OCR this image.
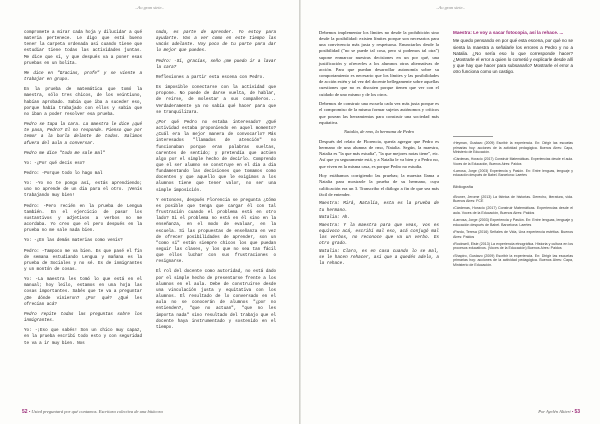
–Ao gran siete–

compromete a mirar cada hoja y dilucidar a qué materia pertenece. Le digo que está bueno tener la carpeta ordenada así cuando tiene que estudiar tiene todas las actividades juntas. Me dice que sí, y que después va a poner esas pruebas en un bolita.

Me dice en "Gracias, profe" y se viente a trabajar en grupo.

En la prueba de matemática que tomó la maestra, sólo tres chicos, de los veintiuno, habían aprobado. Sabía que iba a suceder eso, porque había trabajado con ellos y sabía que no iban a poder resolver esa prueba.

Pedro se tapa la cara. La maestra le dice ¿qué te pasa, Pedro? El no responde. Pienso que por temor a la burla delante de todos. Salimos afuera del aula a conversar.

Pedro me dice "todo me sale mal"

Yo: -¿Por qué decís eso?

Pedro: -Porque todo lo hago mal

Yo: -Yo no te pongo así, estás aprendiendo; uno no aprende de un día para el otro. ¡Venís trabajando muy bien!

Pedro: -Pero recién en la prueba de Lengua también. En el ejercicio de pasar los sustantivos y adjetivos a verbos no me acordaba. Yo creo que el pero después en la prueba no me sale nada bien.

Yo: -¿En las demás materias como venís?

Pedro: -Tampoco me va bien. Es que pasé el fin de semana estudiando Lengua y mañana es la prueba de Sociales y no sé. Es de inmigrantes y un montón de cosas.

Yo: -La maestra les tomó lo que está en el manual; hoy leílo, estamos en una hoja las cosas importantes. Sabés que te va a preguntar ¿De dónde vinieron? ¿Por qué? ¿Qué les ofrecían acá?

Pedro repite todas las preguntas sobre los inmigrantes.

Yo: -¡Eso que sabés! Son un chico muy capaz, en la prueba escribí todo esto y con seguridad te va a ir muy bien. Nos

nada, es parte de aprender. Yo estoy para ayudarte. Vas a ver como en este tiempo las vacás adelante. Voy poco de tu parte para dar lo mejor que puedes.

Pedro: -Si, gracias, seño ¿me puedo ir a lavar la cara?

Reflexiones a partir esta escena con Pedro.

Es imposible conectarse con la actividad que propone. No puede de darse vuelta, de hablar, de reírse, de molestar a sus compañeros... Verdaderamente ya no sabía qué hacer para que se tranquilizara.

¿Por qué Pedro no estaba interesado? ¿Qué actividad estaba proponiendo en aquel momento? ¿Cuál era la mejor manera de convocarlo? Más interesados "llamados de atención" no funcionaban porque eran palabras sueltas, carentes de sentido; y pretendía que actúen algo por el simple hecho de decirlo. Comprendo que el ser alumno se construye en el día a día fundamentando las decisiones que tomamos como docentes y que aquello que le exigimos a los alumnos tiene que tener valor, no ser una simple imposición.

Y entonces, después Florencia se pregunta ¿Cómo es posible que tenga que cargar él con tal frustración cuando el problema está en otro lado? Si el problema no está en él sino en la enseñanza, en el modo de evaluar, en la escuela. Si las propuestas de enseñanza en vez de ofrecer posibilidades de aprender, son un "como si" están siempre chicos los que puedan seguir las clases, y los que no sea tan fácil que ellos luchar con sus frustraciones o resignarse.

El rol del docente como autoridad, no está dado por el simple hecho de presentarse frente a los alumnos en el aula. Debe de construirse desde una vinculación justa y equitativa con los alumnos. El resultado de lo conversado en el aula no se conocerán de alumnos "¿por no entienden?, "que no actuan", "que no les importa nada" sino resultado del trabajo que el docente haya instrumentado y sostenido en el tiempo.

52 • Usted preguntará por qué contamos. Escritura colectiva de una bitácora
–Ao gran siete–

Debemos implementar los límites no desde la prohibición sino desde la posibilidad: existen límites porque son necesarios para una convivencia más justa y respetuosa. Enunciarlos desde la posibilidad ("no se puede tal cosa, pero si podemos tal otra") supone enmarcar nuestras decisiones en un por qué, una justificación y ofrecerles a los alumnos otras alternativas de acción. Para que puedan desarrollar autonomía sobre su comportamiento es necesario que los límites y las posibilidades de acción estén y tal vez del docente bellegamente sobre aquellas cuestiones que no es discuten porque tienen que ver con el cuidado de uno mismo y de los otros.

Debemos de construir una escuela cada vez más justa porque es el compromiso de la misma formar sujetos autónomos y críticos que posean las herramientas para construir una sociedad más equitativa.

Natalia, de rmo, la hermana de Pedro

Después del relato de Florencia, quería agregar que Pedro es hermano de una alumna de rmo, Natalia. Según, la maestra, Natalia es "la que más estudia", "la que mejores notas tiene", etc. Así que ya seguramente está, y a Natalia le va bien y a Pedro no, que viven en la misma casa, es porque Pedro no estudia.

Hoy estábamos corrigiendo las pruebas; la maestra llama a Natalia para mostrarle la prueba de su hermano, cuya calificación era un 3. Transcribo el diálogo a fin de que sea más fácil de entender.

Maestra: Mirá, Natalia, esta es la prueba de tu hermano.

Natalia: Ah.

Maestra: Y la maestra para que veas, vos es equívoco acá, escribí mal eso, acá conjugó mal los verbos, no reconoce que va un verbo. Es otro grado.

Natalia: Claro, es en casa cuando lo se mal, se le hacen rehacer, así que a quedés adelo, a la rehace.

Maestra: Le voy a sacar fotocopia, así la rehace. ...

Me quedo pensando en por qué esta escena, por qué no se sienta la maestra a señalarle los errores a Pedro y no a Natalia. ¿No sería eso lo que corresponde hacer? ¿Mostrarle el error a quien lo cometió y explicarle desde allí y que hay que hacer para subsanarlo? Mostrarle el error a otro funciona como un castigo.

¹Heyman, Gustavo (2009) Escribir la experiencia. En: Dirigir las escuelas primarias hoy: acciones de la actividad pedagógica. Buenos Aires: Capa, Ministerio de Educación.

²Cárdenas, Horacio (2017) Construir Matemáticas. Experiencias desde el aula. Voces de la Educación, Buenos Aires: Paidos

³Larrosa, Jorge (2003) Experiencia y Pasión. En: Entre lenguas, lenguaje y educación después de Babel. Barcelona: Laertes

Bibliografía

•Bruner, Jerome (2013) La fábrica de historias. Derecho, literatura, vida. Buenos Aires: FCE

•Cárdenas, Horacio (2017) Construir Matemáticas. Experiencias desde el aula. Voces de la Educación, Buenos Aires: Paidos

•Larrosa, Jorge (2003) Experiencia y Pasión. En: Entre lenguas, lenguaje y educación después de Babel. Barcelona: Laertes

•Pardo, Teresa (2016) Señales de Vida, Una experiencia estética. Buenos Aires: Paidos

•Rockwell, Elsie (2013) La experiencia etnográfica. Historia y cultura en los procesos educativos. (Voces de la Educación) Buenos Aires: Paidos

•Shapiro, Gustavo (2009) Escribir la experiencia. En: Dirigir las escuelas primarias hoy: acciones de la actividad pedagógica. Buenos Aires: Capa, Ministerio de Educación.

Por Ayelén Altieri • 53
